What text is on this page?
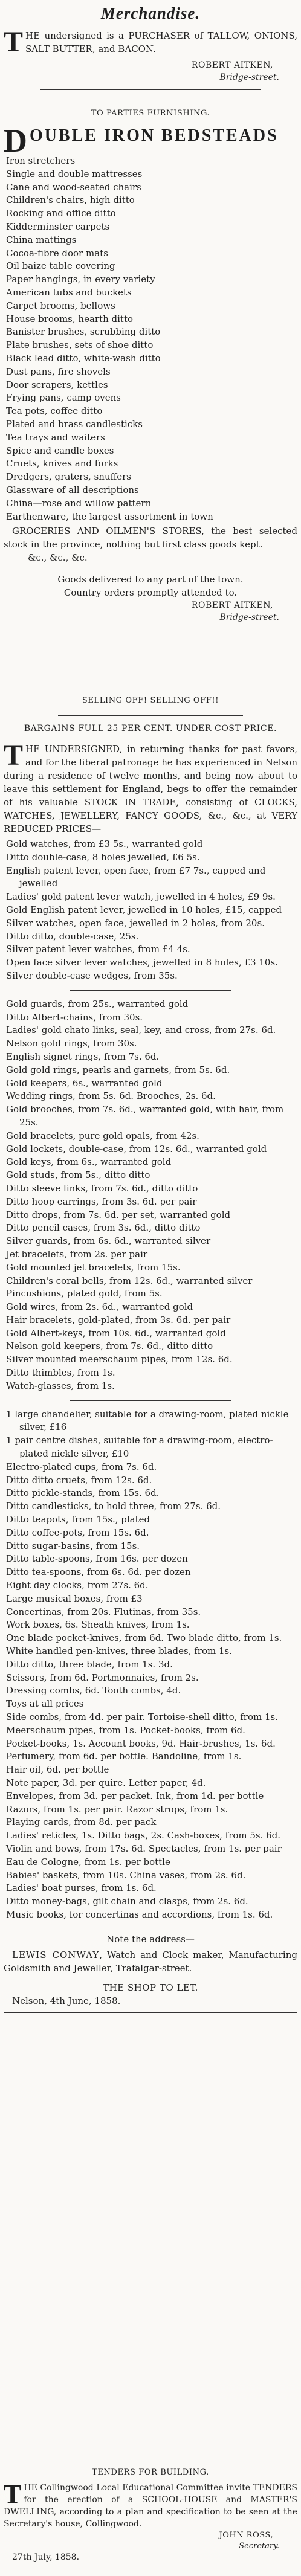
Merchandise.
THE undersigned is a PURCHASER of TALLOW, ONIONS, SALT BUTTER, and BACON.
ROBERT AITKEN,
Bridge-street.
TO PARTIES FURNISHING.
D OUBLE IRON BEDSTEADS
Iron stretchers
Single and double mattresses
Cane and wood-seated chairs
Children's chairs, high ditto
Rocking and office ditto
Kidderminster carpets
China mattings
Cocoa-fibre door mats
Oil baize table covering
Paper hangings, in every variety
American tubs and buckets
Carpet brooms, bellows
House brooms, hearth ditto
Banister brushes, scrubbing ditto
Plate brushes, sets of shoe ditto
Black lead ditto, white-wash ditto
Dust pans, fire shovels
Door scrapers, kettles
Frying pans, camp ovens
Tea pots, coffee ditto
Plated and brass candlesticks
Tea trays and waiters
Spice and candle boxes
Cruets, knives and forks
Dredgers, graters, snuffers
Glassware of all descriptions
China—rose and willow pattern
Earthenware, the largest assortment in town
GROCERIES AND OILMEN'S STORES, the best selected stock in the province, nothing but first class goods kept.
&c., &c., &c.
Goods delivered to any part of the town.
Country orders promptly attended to.
ROBERT AITKEN,
Bridge-street.
SELLING OFF! SELLING OFF!!
BARGAINS FULL 25 PER CENT. UNDER COST PRICE.
THE UNDERSIGNED, in returning thanks for past favors, and for the liberal patronage he has experienced in Nelson during a residence of twelve months, and being now about to leave this settlement for England, begs to offer the remainder of his valuable STOCK IN TRADE, consisting of CLOCKS, WATCHES, JEWELLERY, FANCY GOODS, &c., &c., at VERY REDUCED PRICES—
Gold watches, from £3 5s., warranted gold
Ditto double-case, 8 holes jewelled, £6 5s.
English patent lever, open face, from £7 7s., capped and jewelled
Ladies' gold patent lever watch, jewelled in 4 holes, £9 9s.
Gold English patent lever, jewelled in 10 holes, £15, capped
Silver watches, open face, jewelled in 2 holes, from 20s.
Ditto ditto, double-case, 25s.
Silver patent lever watches, from £4 4s.
Open face silver lever watches, jewelled in 8 holes, £3 10s.
Silver double-case wedges, from 35s.
Gold guards, from 25s., warranted gold
Ditto Albert-chains, from 30s.
Ladies' gold chato links, seal, key, and cross, from 27s. 6d.
Nelson gold rings, from 30s.
English signet rings, from 7s. 6d.
Gold gold rings, pearls and garnets, from 5s. 6d.
Gold keepers, 6s., warranted gold
Wedding rings, from 5s. 6d. Brooches, 2s. 6d.
Gold brooches, from 7s. 6d., warranted gold, with hair, from 25s.
Gold bracelets, pure gold opals, from 42s.
Gold lockets, double-case, from 12s. 6d., warranted gold
Gold keys, from 6s., warranted gold
Gold studs, from 5s., ditto ditto
Ditto sleeve links, from 7s. 6d., ditto ditto
Ditto hoop earrings, from 3s. 6d. per pair
Ditto drops, from 7s. 6d. per set, warranted gold
Ditto pencil cases, from 3s. 6d., ditto ditto
Silver guards, from 6s. 6d., warranted silver
Jet bracelets, from 2s. per pair
Gold mounted jet bracelets, from 15s.
Children's coral bells, from 12s. 6d., warranted silver
Pincushions, plated gold, from 5s.
Gold wires, from 2s. 6d., warranted gold
Hair bracelets, gold-plated, from 3s. 6d. per pair
Gold Albert-keys, from 10s. 6d., warranted gold
Nelson gold keepers, from 7s. 6d., ditto ditto
Silver mounted meerschaum pipes, from 12s. 6d.
Ditto thimbles, from 1s.
Watch-glasses, from 1s.
1 large chandelier, suitable for a drawing-room, plated nickle silver, £16
1 pair centre dishes, suitable for a drawing-room, electro-plated nickle silver, £10
Electro-plated cups, from 7s. 6d.
Ditto ditto cruets, from 12s. 6d.
Ditto pickle-stands, from 15s. 6d.
Ditto candlesticks, to hold three, from 27s. 6d.
Ditto teapots, from 15s., plated
Ditto coffee-pots, from 15s. 6d.
Ditto sugar-basins, from 15s.
Ditto table-spoons, from 16s. per dozen
Ditto tea-spoons, from 6s. 6d. per dozen
Eight day clocks, from 27s. 6d.
Large musical boxes, from £3
Concertinas, from 20s. Flutinas, from 35s.
Work boxes, 6s. Sheath knives, from 1s.
One blade pocket-knives, from 6d. Two blade ditto, from 1s.
White handled pen-knives, three blades, from 1s.
Ditto ditto, three blade, from 1s. 3d.
Scissors, from 6d. Portmonnaies, from 2s.
Dressing combs, 6d. Tooth combs, 4d.
Toys at all prices
Side combs, from 4d. per pair. Tortoise-shell ditto, from 1s.
Meerschaum pipes, from 1s. Pocket-books, from 6d.
Pocket-books, 1s. Account books, 9d. Hair-brushes, 1s. 6d.
Perfumery, from 6d. per bottle. Bandoline, from 1s.
Hair oil, 6d. per bottle
Note paper, 3d. per quire. Letter paper, 4d.
Envelopes, from 3d. per packet. Ink, from 1d. per bottle
Razors, from 1s. per pair. Razor strops, from 1s.
Playing cards, from 8d. per pack
Ladies' reticles, 1s. Ditto bags, 2s. Cash-boxes, from 5s. 6d.
Violin and bows, from 17s. 6d. Spectacles, from 1s. per pair
Eau de Cologne, from 1s. per bottle
Babies' baskets, from 10s. China vases, from 2s. 6d.
Ladies' boat purses, from 1s. 6d.
Ditto money-bags, gilt chain and clasps, from 2s. 6d.
Music books, for concertinas and accordions, from 1s. 6d.
Note the address—
LEWIS CONWAY, Watch and Clock maker, Manufacturing Goldsmith and Jeweller, Trafalgar-street.
THE SHOP TO LET.
Nelson, 4th June, 1858.
TENDERS FOR BUILDING.
THE Collingwood Local Educational Committee invite TENDERS for the erection of a SCHOOL-HOUSE and MASTER'S DWELLING, according to a plan and specification to be seen at the Secretary's house, Collingwood.
JOHN ROSS,
Secretary.
27th July, 1858.
